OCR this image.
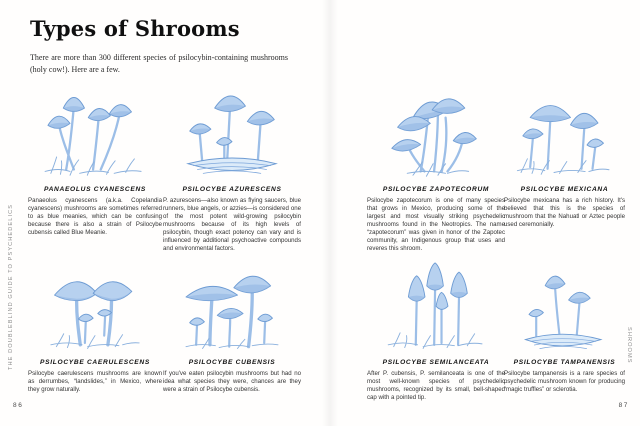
Types of Shrooms

There are more than 300 different species of psilocybin-containing mushrooms (holy cow!). Here are a few.

PANAEOLUS CYANESCENS

Panaeolus cyanescens (a.k.a. Copelandia cyanescens) mushrooms are sometimes referred to as blue meanies, which can be confusing because there is also a strain of Psilocybe cubensis called Blue Meanie.

PSILOCYBE AZURESCENS

P. azurescens—also known as flying saucers, blue runners, blue angels, or azzies—is considered one of the most potent wild-growing psilocybin mushrooms because of its high levels of psilocybin, though exact potency can vary and is influenced by additional psychoactive compounds and environmental factors.

PSILOCYBE ZAPOTECORUM

Psilocybe zapotecorum is one of many species that grows in Mexico, producing some of the largest and most visually striking psychedelic mushrooms found in the Neotropics. The name “zapotecorum” was given in honor of the Zapotec community, an Indigenous group that uses and reveres this shroom.

PSILOCYBE MEXICANA

Psilocybe mexicana has a rich history. It's believed that this is the species of mushroom that the Nahuatl or Aztec people used ceremonially.

PSILOCYBE CAERULESCENS

Psilocybe caerulescens mushrooms are known as derrumbes, “landslides,” in Mexico, where they grow naturally.

PSILOCYBE CUBENSIS

If you've eaten psilocybin mushrooms but had no idea what species they were, chances are they were a strain of Psilocybe cubensis.

PSILOCYBE SEMILANCEATA

After P. cubensis, P. semilanceata is one of the most well-known species of psychedelic mushrooms, recognized by its small, bell-shaped cap with a pointed tip.

PSILOCYBE TAMPANENSIS

Psilocybe tampanensis is a rare species of psychedelic mushroom known for producing “magic truffles” or sclerotia.

THE DOUBLEBLIND GUIDE TO PSYCHEDELICS	SHROOMS
86	87
